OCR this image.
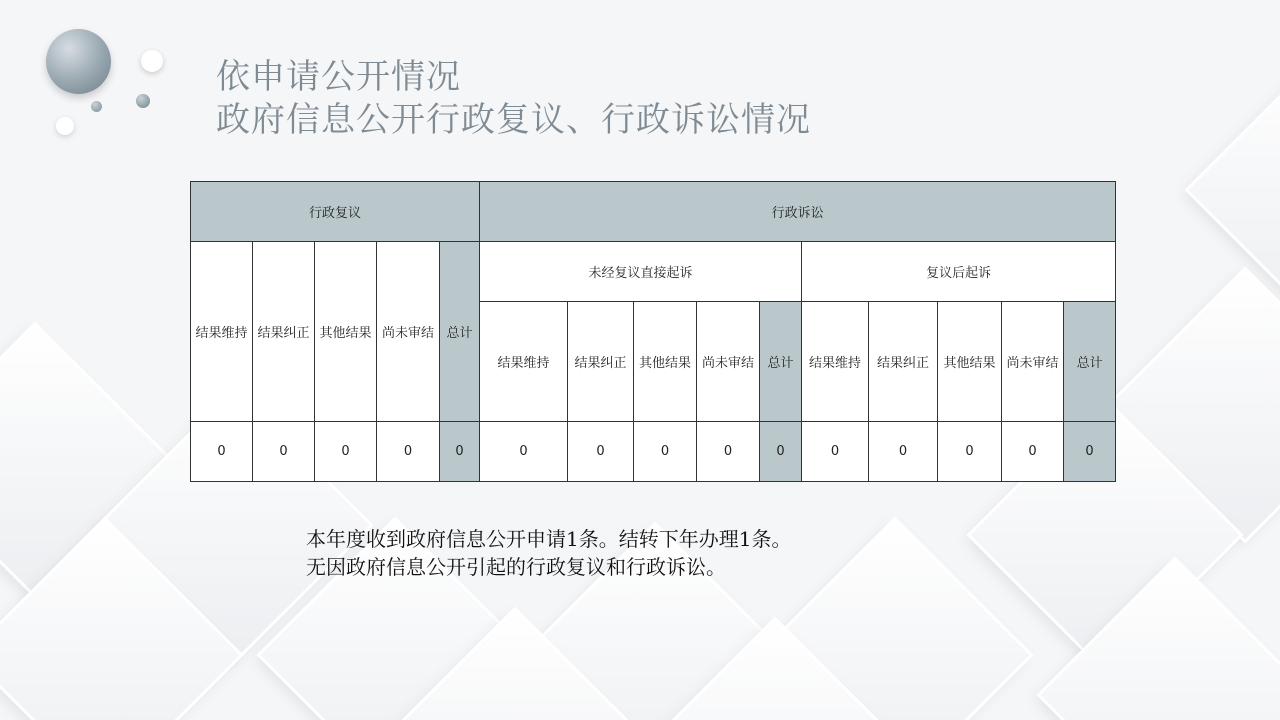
依申请公开情况
政府信息公开行政复议、行政诉讼情况
行政复议					行政诉讼									
结果维持	结果纠正	其他结果	尚未审结	总计	未经复议直接起诉					复议后起诉				
					结果维持	结果纠正	其他结果	尚未审结	总计	结果维持	结果纠正	其他结果	尚未审结	总计
0	0	0	0	0	0	0	0	0	0	0	0	0	0	0
本年度收到政府信息公开申请1条。结转下年办理1条。
无因政府信息公开引起的行政复议和行政诉讼。
